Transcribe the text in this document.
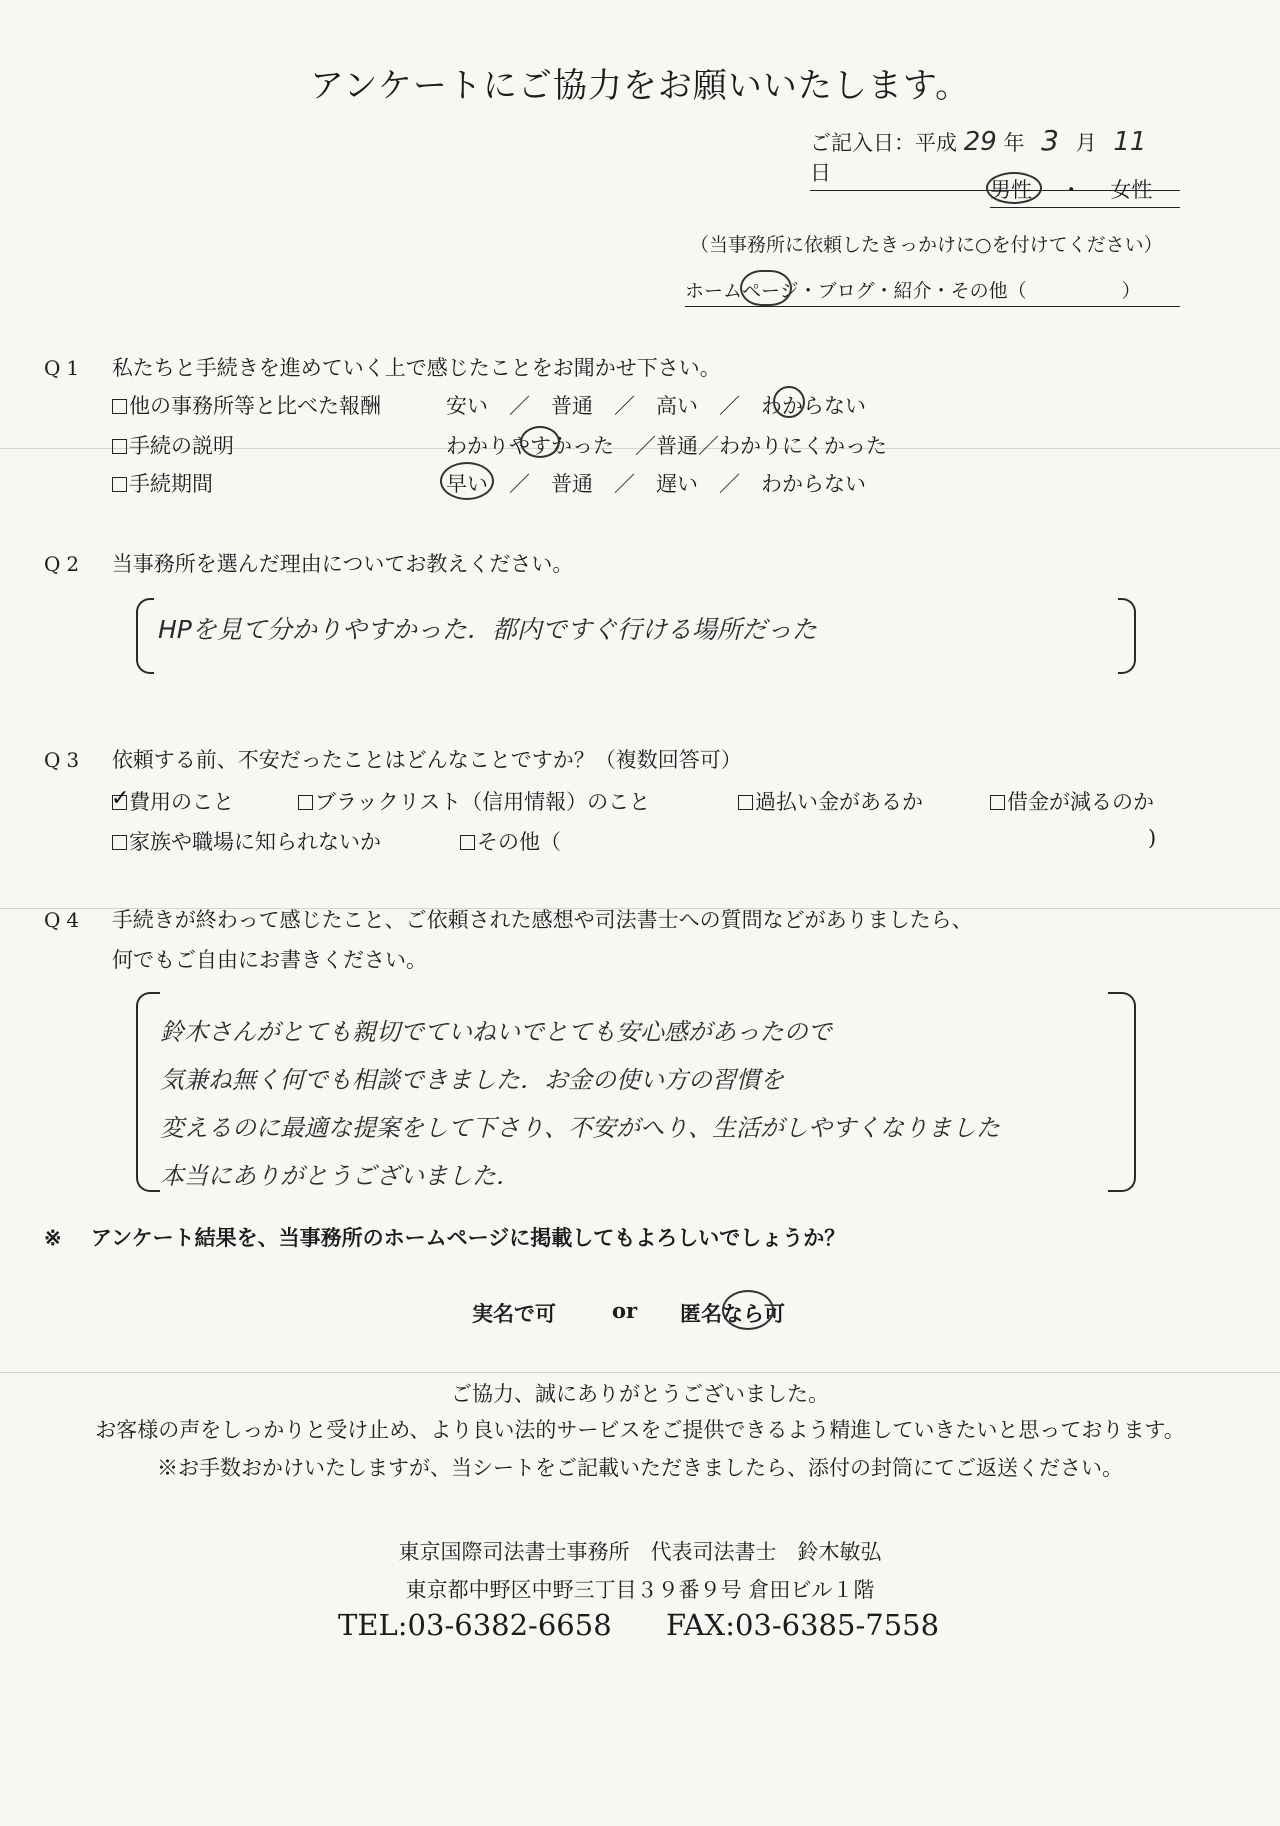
アンケートにご協力をお願いいたします。
ご記入日：平成 29 年 3 月 11 日
男性 ・ 女性
（当事務所に依頼したきっかけに○を付けてください）
ホームページ・ブログ・紹介・その他（　　　　　）
Q1 私たちと手続きを進めていく上で感じたことをお聞かせ下さい。
他の事務所等と比べた報酬	安い　／　普通　／　高い　／　わからない
手続の説明	わかりやすかった　／普通／わかりにくかった
手続期間	早い　／　普通　／　遅い　／　わからない
Q2 当事務所を選んだ理由についてお教えください。
HPを見て分かりやすかった．都内ですぐ行ける場所だった
Q3 依頼する前、不安だったことはどんなことですか？（複数回答可）
✓費用のこと	ブラックリスト（信用情報）のこと	過払い金があるか	借金が減るのか
家族や職場に知られないか	その他（	)
Q4 手続きが終わって感じたこと、ご依頼された感想や司法書士への質問などがありましたら、
何でもご自由にお書きください。
鈴木さんがとても親切でていねいでとても安心感があったので
気兼ね無く何でも相談できました．お金の使い方の習慣を
変えるのに最適な提案をして下さり、不安がへり、生活がしやすくなりました
本当にありがとうございました．
※ アンケート結果を、当事務所のホームページに掲載してもよろしいでしょうか？
実名で可	or 匿名なら可
ご協力、誠にありがとうございました。
お客様の声をしっかりと受け止め、より良い法的サービスをご提供できるよう精進していきたいと思っております。
※お手数おかけいたしますが、当シートをご記載いただきましたら、添付の封筒にてご返送ください。
東京国際司法書士事務所　代表司法書士　鈴木敏弘
東京都中野区中野三丁目３９番９号 倉田ビル１階
TEL:03-6382-6658 FAX:03-6385-7558
